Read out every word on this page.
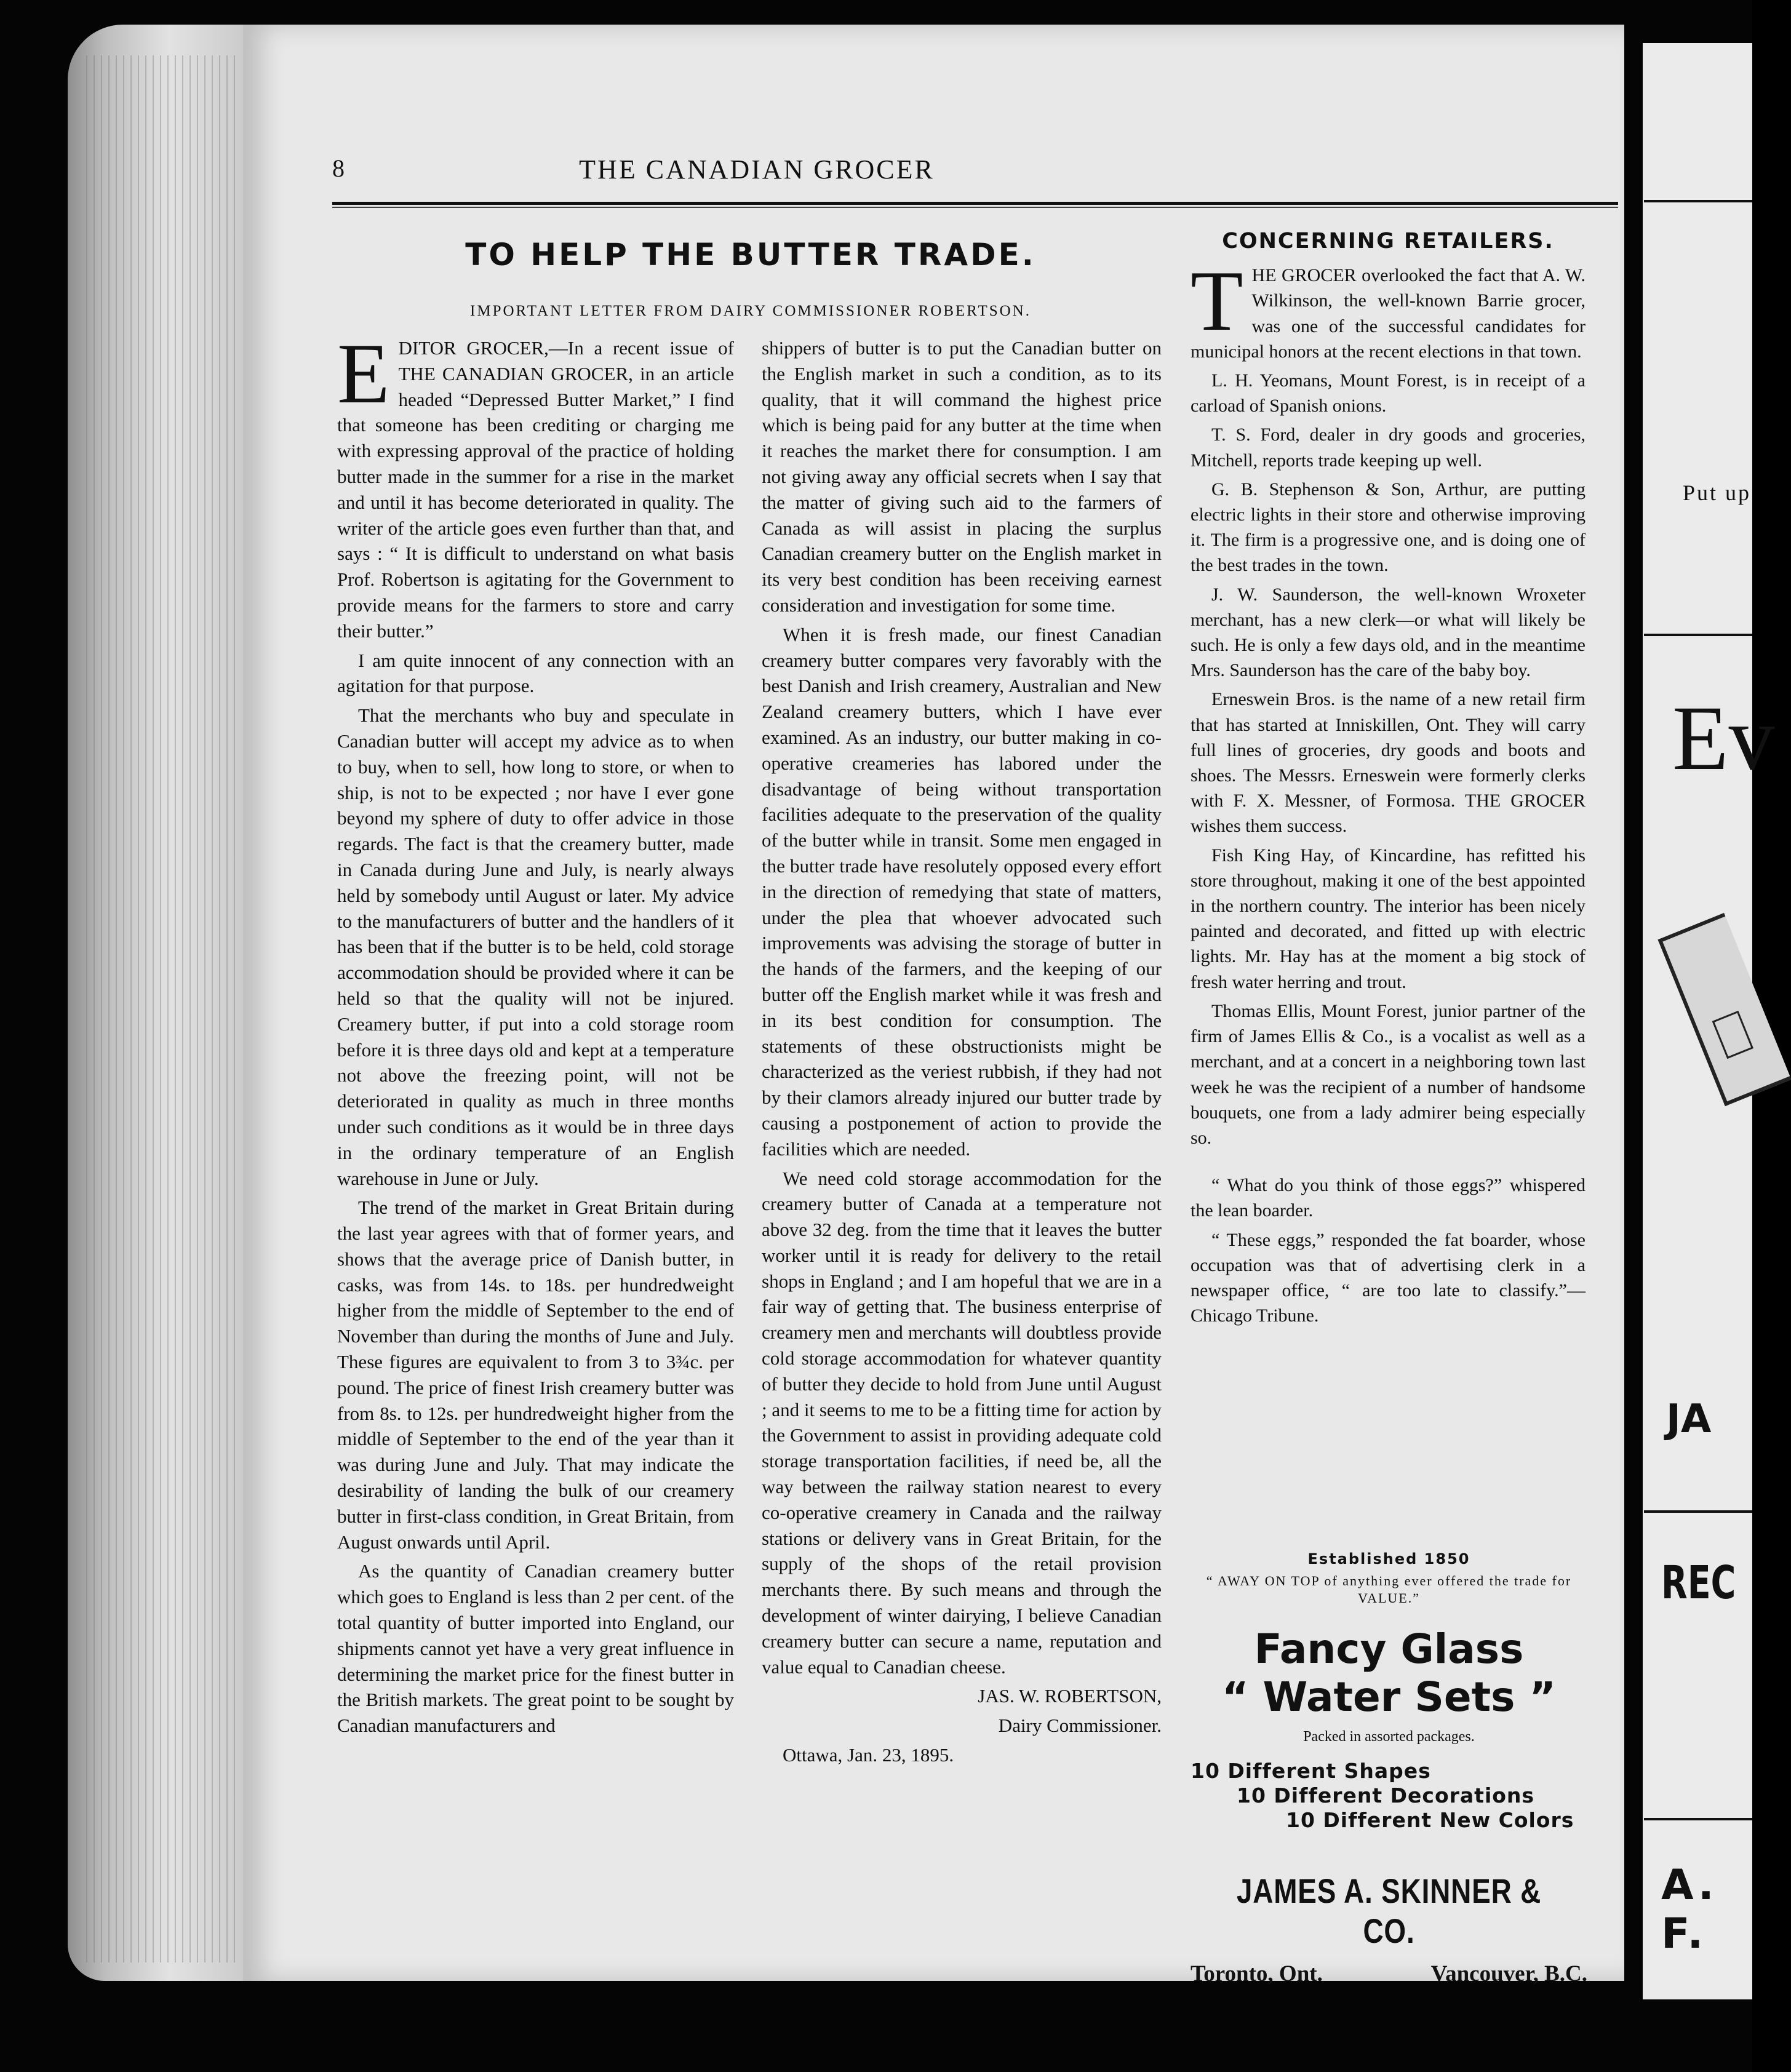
8	THE CANADIAN GROCER
TO HELP THE BUTTER TRADE.
IMPORTANT LETTER FROM DAIRY COMMISSIONER ROBERTSON.

EDITOR GROCER,—In a recent issue of THE CANADIAN GROCER, in an article headed “Depressed Butter Market,” I find that someone has been crediting or charging me with expressing approval of the practice of holding butter made in the summer for a rise in the market and until it has become deteriorated in quality. The writer of the article goes even further than that, and says : “ It is difficult to understand on what basis Prof. Robertson is agitating for the Government to provide means for the farmers to store and carry their butter.”

I am quite innocent of any connection with an agitation for that purpose.

That the merchants who buy and speculate in Canadian butter will accept my advice as to when to buy, when to sell, how long to store, or when to ship, is not to be expected ; nor have I ever gone beyond my sphere of duty to offer advice in those regards. The fact is that the creamery butter, made in Canada during June and July, is nearly always held by somebody until August or later. My advice to the manufacturers of butter and the handlers of it has been that if the butter is to be held, cold storage accommodation should be provided where it can be held so that the quality will not be injured. Creamery butter, if put into a cold storage room before it is three days old and kept at a temperature not above the freezing point, will not be deteriorated in quality as much in three months under such conditions as it would be in three days in the ordinary temperature of an English warehouse in June or July.

The trend of the market in Great Britain during the last year agrees with that of former years, and shows that the average price of Danish butter, in casks, was from 14s. to 18s. per hundredweight higher from the middle of September to the end of November than during the months of June and July. These figures are equivalent to from 3 to 3¾c. per pound. The price of finest Irish creamery butter was from 8s. to 12s. per hundredweight higher from the middle of September to the end of the year than it was during June and July. That may indicate the desirability of landing the bulk of our creamery butter in first-class condition, in Great Britain, from August onwards until April.

As the quantity of Canadian creamery butter which goes to England is less than 2 per cent. of the total quantity of butter imported into England, our shipments cannot yet have a very great influence in determining the market price for the finest butter in the British markets. The great point to be sought by Canadian manufacturers and

shippers of butter is to put the Canadian butter on the English market in such a condition, as to its quality, that it will command the highest price which is being paid for any butter at the time when it reaches the market there for consumption. I am not giving away any official secrets when I say that the matter of giving such aid to the farmers of Canada as will assist in placing the surplus Canadian creamery butter on the English market in its very best condition has been receiving earnest consideration and investigation for some time.

When it is fresh made, our finest Canadian creamery butter compares very favorably with the best Danish and Irish creamery, Australian and New Zealand creamery butters, which I have ever examined. As an industry, our butter making in co-operative creameries has labored under the disadvantage of being without transportation facilities adequate to the preservation of the quality of the butter while in transit. Some men engaged in the butter trade have resolutely opposed every effort in the direction of remedying that state of matters, under the plea that whoever advocated such improvements was advising the storage of butter in the hands of the farmers, and the keeping of our butter off the English market while it was fresh and in its best condition for consumption. The statements of these obstructionists might be characterized as the veriest rubbish, if they had not by their clamors already injured our butter trade by causing a postponement of action to provide the facilities which are needed.

We need cold storage accommodation for the creamery butter of Canada at a temperature not above 32 deg. from the time that it leaves the butter worker until it is ready for delivery to the retail shops in England ; and I am hopeful that we are in a fair way of getting that. The business enterprise of creamery men and merchants will doubtless provide cold storage accommodation for whatever quantity of butter they decide to hold from June until August ; and it seems to me to be a fitting time for action by the Government to assist in providing adequate cold storage transportation facilities, if need be, all the way between the railway station nearest to every co-operative creamery in Canada and the railway stations or delivery vans in Great Britain, for the supply of the shops of the retail provision merchants there. By such means and through the development of winter dairying, I believe Canadian creamery butter can secure a name, reputation and value equal to Canadian cheese.

JAS. W. ROBERTSON,

Dairy Commissioner.

Ottawa, Jan. 23, 1895.

CONCERNING RETAILERS.

THE GROCER overlooked the fact that A. W. Wilkinson, the well-known Barrie grocer, was one of the successful candidates for municipal honors at the recent elections in that town.

L. H. Yeomans, Mount Forest, is in receipt of a carload of Spanish onions.

T. S. Ford, dealer in dry goods and groceries, Mitchell, reports trade keeping up well.

G. B. Stephenson & Son, Arthur, are putting electric lights in their store and otherwise improving it. The firm is a progressive one, and is doing one of the best trades in the town.

J. W. Saunderson, the well-known Wroxeter merchant, has a new clerk—or what will likely be such. He is only a few days old, and in the meantime Mrs. Saunderson has the care of the baby boy.

Erneswein Bros. is the name of a new retail firm that has started at Inniskillen, Ont. They will carry full lines of groceries, dry goods and boots and shoes. The Messrs. Erneswein were formerly clerks with F. X. Messner, of Formosa. THE GROCER wishes them success.

Fish King Hay, of Kincardine, has refitted his store throughout, making it one of the best appointed in the northern country. The interior has been nicely painted and decorated, and fitted up with electric lights. Mr. Hay has at the moment a big stock of fresh water herring and trout.

Thomas Ellis, Mount Forest, junior partner of the firm of James Ellis & Co., is a vocalist as well as a merchant, and at a concert in a neighboring town last week he was the recipient of a number of handsome bouquets, one from a lady admirer being especially so.

“ What do you think of those eggs?” whispered the lean boarder.

“ These eggs,” responded the fat boarder, whose occupation was that of advertising clerk in a newspaper office, “ are too late to classify.”—Chicago Tribune.

Established 1850
“ AWAY ON TOP of anything ever offered the trade for VALUE.”
Fancy Glass
“ Water Sets ”
Packed in assorted packages.
10 Different Shapes
10 Different Decorations
10 Different New Colors
JAMES A. SKINNER & CO.
Toronto, Ont.	Vancouver, B.C.
Put up
Ev
JA
REC
A. F.
